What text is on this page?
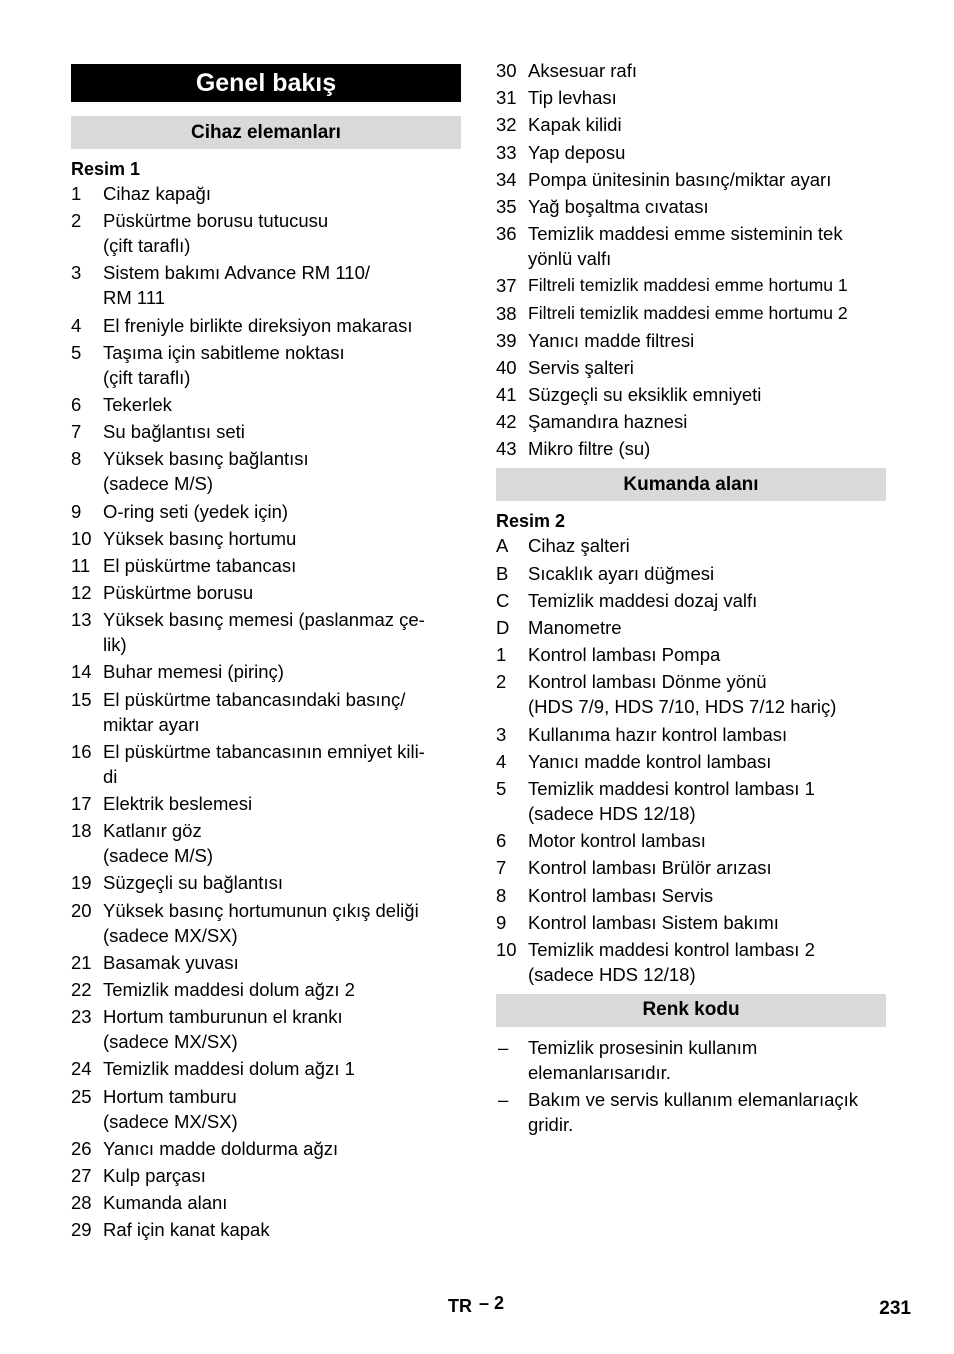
Genel bakış
Cihaz elemanları
Resim 1
1	Cihaz kapağı
2	Püskürtme borusu tutucusu
(çift taraflı)
3	Sistem bakımı Advance RM 110/
RM 111
4	El freniyle birlikte direksiyon makarası
5	Taşıma için sabitleme noktası
(çift taraflı)
6	Tekerlek
7	Su bağlantısı seti
8	Yüksek basınç bağlantısı
(sadece M/S)
9	O-ring seti (yedek için)
10 Yüksek basınç hortumu
11 El püskürtme tabancası
12 Püskürtme borusu
13 Yüksek basınç memesi (paslanmaz çe-
lik)
14 Buhar memesi (pirinç)
15 El püskürtme tabancasındaki basınç/
miktar ayarı
16 El püskürtme tabancasının emniyet kili-
di
17 Elektrik beslemesi
18 Katlanır göz
(sadece M/S)
19 Süzgeçli su bağlantısı
20 Yüksek basınç hortumunun çıkış deliği
(sadece MX/SX)
21 Basamak yuvası
22 Temizlik maddesi dolum ağzı 2
23 Hortum tamburunun el krankı
(sadece MX/SX)
24 Temizlik maddesi dolum ağzı 1
25 Hortum tamburu
(sadece MX/SX)
26 Yanıcı madde doldurma ağzı
27 Kulp parçası
28 Kumanda alanı
29 Raf için kanat kapak
30 Aksesuar rafı
31 Tip levhası
32 Kapak kilidi
33 Yap deposu
34 Pompa ünitesinin basınç/miktar ayarı
35 Yağ boşaltma cıvatası
36 Temizlik maddesi emme sisteminin tek
yönlü valfı
37 Filtreli temizlik maddesi emme hortumu 1
38 Filtreli temizlik maddesi emme hortumu 2
39 Yanıcı madde filtresi
40 Servis şalteri
41 Süzgeçli su eksiklik emniyeti
42 Şamandıra haznesi
43 Mikro filtre (su)
Kumanda alanı
Resim 2
A	Cihaz şalteri
B	Sıcaklık ayarı düğmesi
C	Temizlik maddesi dozaj valfı
D	Manometre
1	Kontrol lambası Pompa
2	Kontrol lambası Dönme yönü
(HDS 7/9, HDS 7/10, HDS 7/12 hariç)
3	Kullanıma hazır kontrol lambası
4	Yanıcı madde kontrol lambası
5	Temizlik maddesi kontrol lambası 1
(sadece HDS 12/18)
6	Motor kontrol lambası
7	Kontrol lambası Brülör arızası
8	Kontrol lambası Servis
9	Kontrol lambası Sistem bakımı
10 Temizlik maddesi kontrol lambası 2
(sadece HDS 12/18)
Renk kodu
–	Temizlik prosesinin kullanım elemanlarısarıdır.
–	Bakım ve servis kullanım elemanlarıaçık gridir.
TR – 2	231
